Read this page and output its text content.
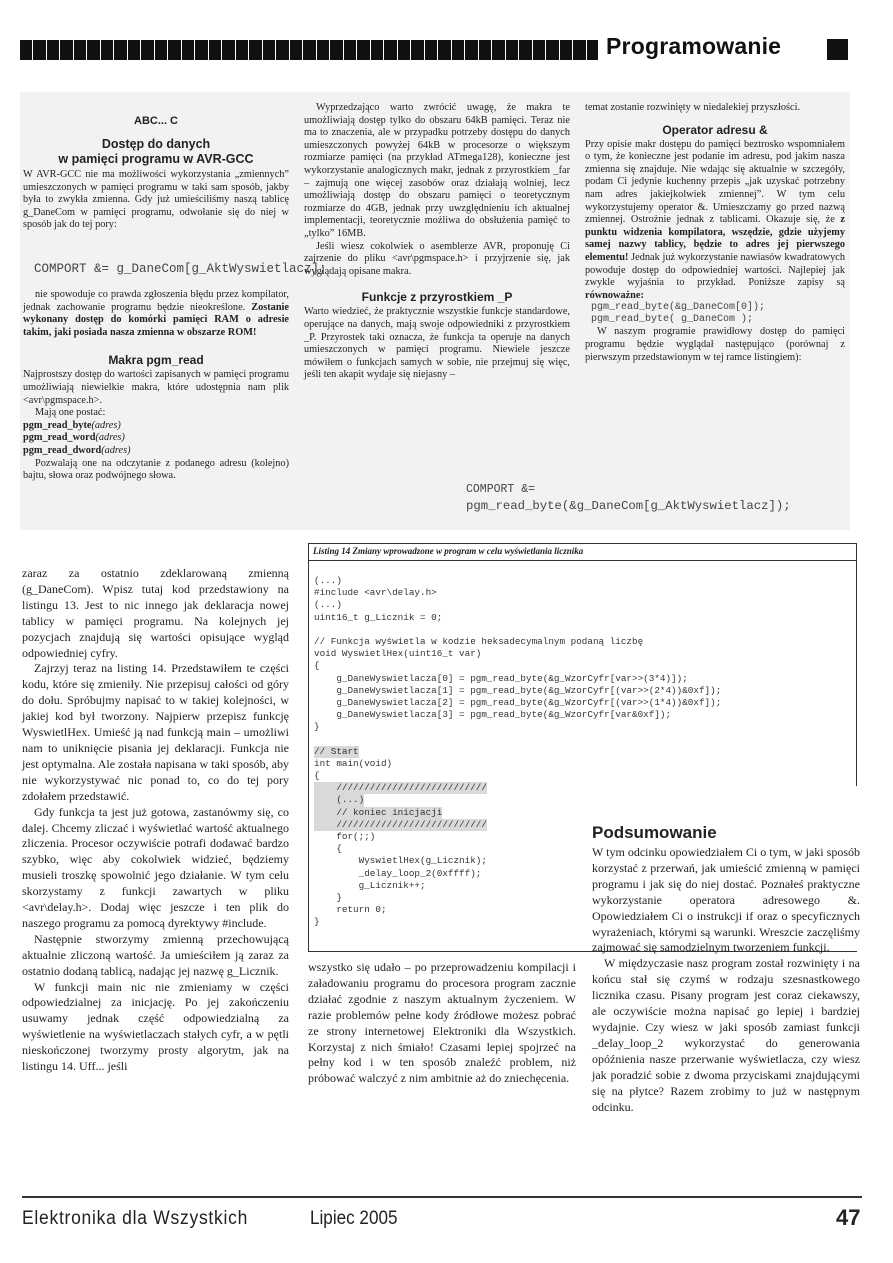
Programowanie
ABC... C
Dostęp do danych
w pamięci programu w AVR-GCC

W AVR-GCC nie ma możliwości wykorzystania „zmiennych” umieszczonych w pamięci programu w taki sam sposób, jakby była to zwykła zmienna. Gdy już umieściliśmy naszą tablicę g_DaneCom w pamięci programu, odwołanie się do niej w sposób jak do tej pory:

COMPORT &= g_DaneCom[g_AktWyswietlacz];

nie spowoduje co prawda zgłoszenia błędu przez kompilator, jednak zachowanie programu będzie nieokreślone. Zostanie wykonany dostęp do komórki pamięci RAM o adresie takim, jaki posiada nasza zmienna w obszarze ROM!

Makra pgm_read

Najprostszy dostęp do wartości zapisanych w pamięci programu umożliwiają niewielkie makra, które udostępnia nam plik <avr\pgmspace.h>.

Mają one postać:

pgm_read_byte(adres)

pgm_read_word(adres)

pgm_read_dword(adres)

Pozwalają one na odczytanie z podanego adresu (kolejno) bajtu, słowa oraz podwójnego słowa.

Wyprzedzająco warto zwrócić uwagę, że makra te umożliwiają dostęp tylko do obszaru 64kB pamięci. Teraz nie ma to znaczenia, ale w przypadku potrzeby dostępu do danych umieszczonych powyżej 64kB w procesorze o większym rozmiarze pamięci (na przykład ATmega128), konieczne jest wykorzystanie analogicznych makr, jednak z przyrostkiem _far – zajmują one więcej zasobów oraz działają wolniej, lecz umożliwiają dostęp do obszaru pamięci o teoretycznym rozmiarze do 4GB, jednak przy uwzględnieniu ich aktualnej implementacji, teoretycznie możliwa do obsłużenia pamięć to „tylko” 16MB.

Jeśli wiesz cokolwiek o asemblerze AVR, proponuję Ci zajrzenie do pliku <avr\pgmspace.h> i przyjrzenie się, jak wyglądają opisane makra.

Funkcje z przyrostkiem _P

Warto wiedzieć, że praktycznie wszystkie funkcje standardowe, operujące na danych, mają swoje odpowiedniki z przyrostkiem _P. Przyrostek taki oznacza, że funkcja ta operuje na danych umieszczonych w pamięci programu. Niewiele jeszcze mówiłem o funkcjach samych w sobie, nie przejmuj się więc, jeśli ten akapit wydaje się niejasny –

temat zostanie rozwinięty w niedalekiej przyszłości.

Operator adresu &

Przy opisie makr dostępu do pamięci beztrosko wspomniałem o tym, że konieczne jest podanie im adresu, pod jakim nasza zmienna się znajduje. Nie wdając się aktualnie w szczegóły, podam Ci jedynie kuchenny przepis „jak uzyskać potrzebny nam adres jakiejkolwiek zmiennej”. W tym celu wykorzystujemy operator &. Umieszczamy go przed nazwą zmiennej. Ostrożnie jednak z tablicami. Okazuje się, że z punktu widzenia kompilatora, wszędzie, gdzie użyjemy samej nazwy tablicy, będzie to adres jej pierwszego elementu! Jednak już wykorzystanie nawiasów kwadratowych powoduje dostęp do odpowiedniej wartości. Najlepiej jak zwykle wyjaśnia to przykład. Poniższe zapisy są równoważne:

pgm_read_byte(&g_DaneCom[0]);
pgm_read_byte( g_DaneCom );

W naszym programie prawidłowy dostęp do pamięci programu będzie wyglądał następująco (porównaj z pierwszym przedstawionym w tej ramce listingiem):

COMPORT &=
pgm_read_byte(&g_DaneCom[g_AktWyswietlacz]);

zaraz za ostatnio zdeklarowaną zmienną (g_DaneCom). Wpisz tutaj kod przedstawiony na listingu 13. Jest to nic innego jak deklaracja nowej tablicy w pamięci programu. Na kolejnych jej pozycjach znajdują się wartości opisujące wygląd odpowiedniej cyfry.

Zajrzyj teraz na listing 14. Przedstawiłem te części kodu, które się zmieniły. Nie przepisuj całości od góry do dołu. Spróbujmy napisać to w takiej kolejności, w jakiej kod był tworzony. Najpierw przepisz funkcję WyswietlHex. Umieść ją nad funkcją main – umożliwi nam to uniknięcie pisania jej deklaracji. Funkcja nie jest optymalna. Ale została napisana w taki sposób, aby nie wykorzystywać nic ponad to, co do tej pory zdołałem przedstawić.

Gdy funkcja ta jest już gotowa, zastanówmy się, co dalej. Chcemy zliczać i wyświetlać wartość aktualnego zliczenia. Procesor oczywiście potrafi dodawać bardzo szybko, więc aby cokolwiek widzieć, będziemy musieli troszkę spowolnić jego działanie. W tym celu skorzystamy z funkcji zawartych w pliku <avr\delay.h>. Dodaj więc jeszcze i ten plik do naszego programu za pomocą dyrektywy #include.

Następnie stworzymy zmienną przechowującą aktualnie zliczoną wartość. Ja umieściłem ją zaraz za ostatnio dodaną tablicą, nadając jej nazwę g_Licznik.

W funkcji main nic nie zmieniamy w części odpowiedzialnej za inicjację. Po jej zakończeniu usuwamy jednak część odpowiedzialną za wyświetlenie na wyświetlaczach stałych cyfr, a w pętli nieskończonej tworzymy prosty algorytm, jak na listingu 14. Uff... jeśli

Listing 14 Zmiany wprowadzone w program w celu wyświetlania licznika
(...)
#include <avr\delay.h>
(...)
uint16_t g_Licznik = 0;
// Funkcja wyświetla w kodzie heksadecymalnym podaną liczbę
void WyswietlHex(uint16_t var)
{
g_DaneWyswietlacza[0] = pgm_read_byte(&g_WzorCyfr[var>>(3*4)]);
g_DaneWyswietlacza[1] = pgm_read_byte(&g_WzorCyfr[(var>>(2*4))&0xf]);
g_DaneWyswietlacza[2] = pgm_read_byte(&g_WzorCyfr[(var>>(1*4))&0xf]);
g_DaneWyswietlacza[3] = pgm_read_byte(&g_WzorCyfr[var&0xf]);
}
// Start
int main(void)
{
///////////////////////////
(...)
// koniec inicjacji
///////////////////////////
for(;;)
{
WyswietlHex(g_Licznik);
_delay_loop_2(0xffff);
g_Licznik++;
}
return 0;
}
Podsumowanie

W tym odcinku opowiedziałem Ci o tym, w jaki sposób korzystać z przerwań, jak umieścić zmienną w pamięci programu i jak się do niej dostać. Poznałeś praktyczne wykorzystanie operatora adresowego &. Opowiedziałem Ci o instrukcji if oraz o specyficznych wyrażeniach, którymi są warunki. Wreszcie zaczęliśmy zajmować się samodzielnym tworzeniem funkcji.

W międzyczasie nasz program został rozwinięty i na końcu stał się czymś w rodzaju szesnastkowego licznika czasu. Pisany program jest coraz ciekawszy, ale oczywiście można napisać go lepiej i bardziej wydajnie. Czy wiesz w jaki sposób zamiast funkcji _delay_loop_2 wykorzystać do generowania opóźnienia nasze przerwanie wyświetlacza, czy wiesz jak poradzić sobie z dwoma przyciskami znajdującymi się na płytce? Razem zrobimy to już w następnym odcinku.

wszystko się udało – po przeprowadzeniu kompilacji i załadowaniu programu do procesora program zacznie działać zgodnie z naszym aktualnym życzeniem. W razie problemów pełne kody źródłowe możesz pobrać ze strony internetowej Elektroniki dla Wszystkich. Korzystaj z nich śmiało! Czasami lepiej spojrzeć na pełny kod i w ten sposób znaleźć problem, niż próbować walczyć z nim ambitnie aż do zniechęcenia.

Elektronika dla Wszystkich	Lipiec 2005	47
